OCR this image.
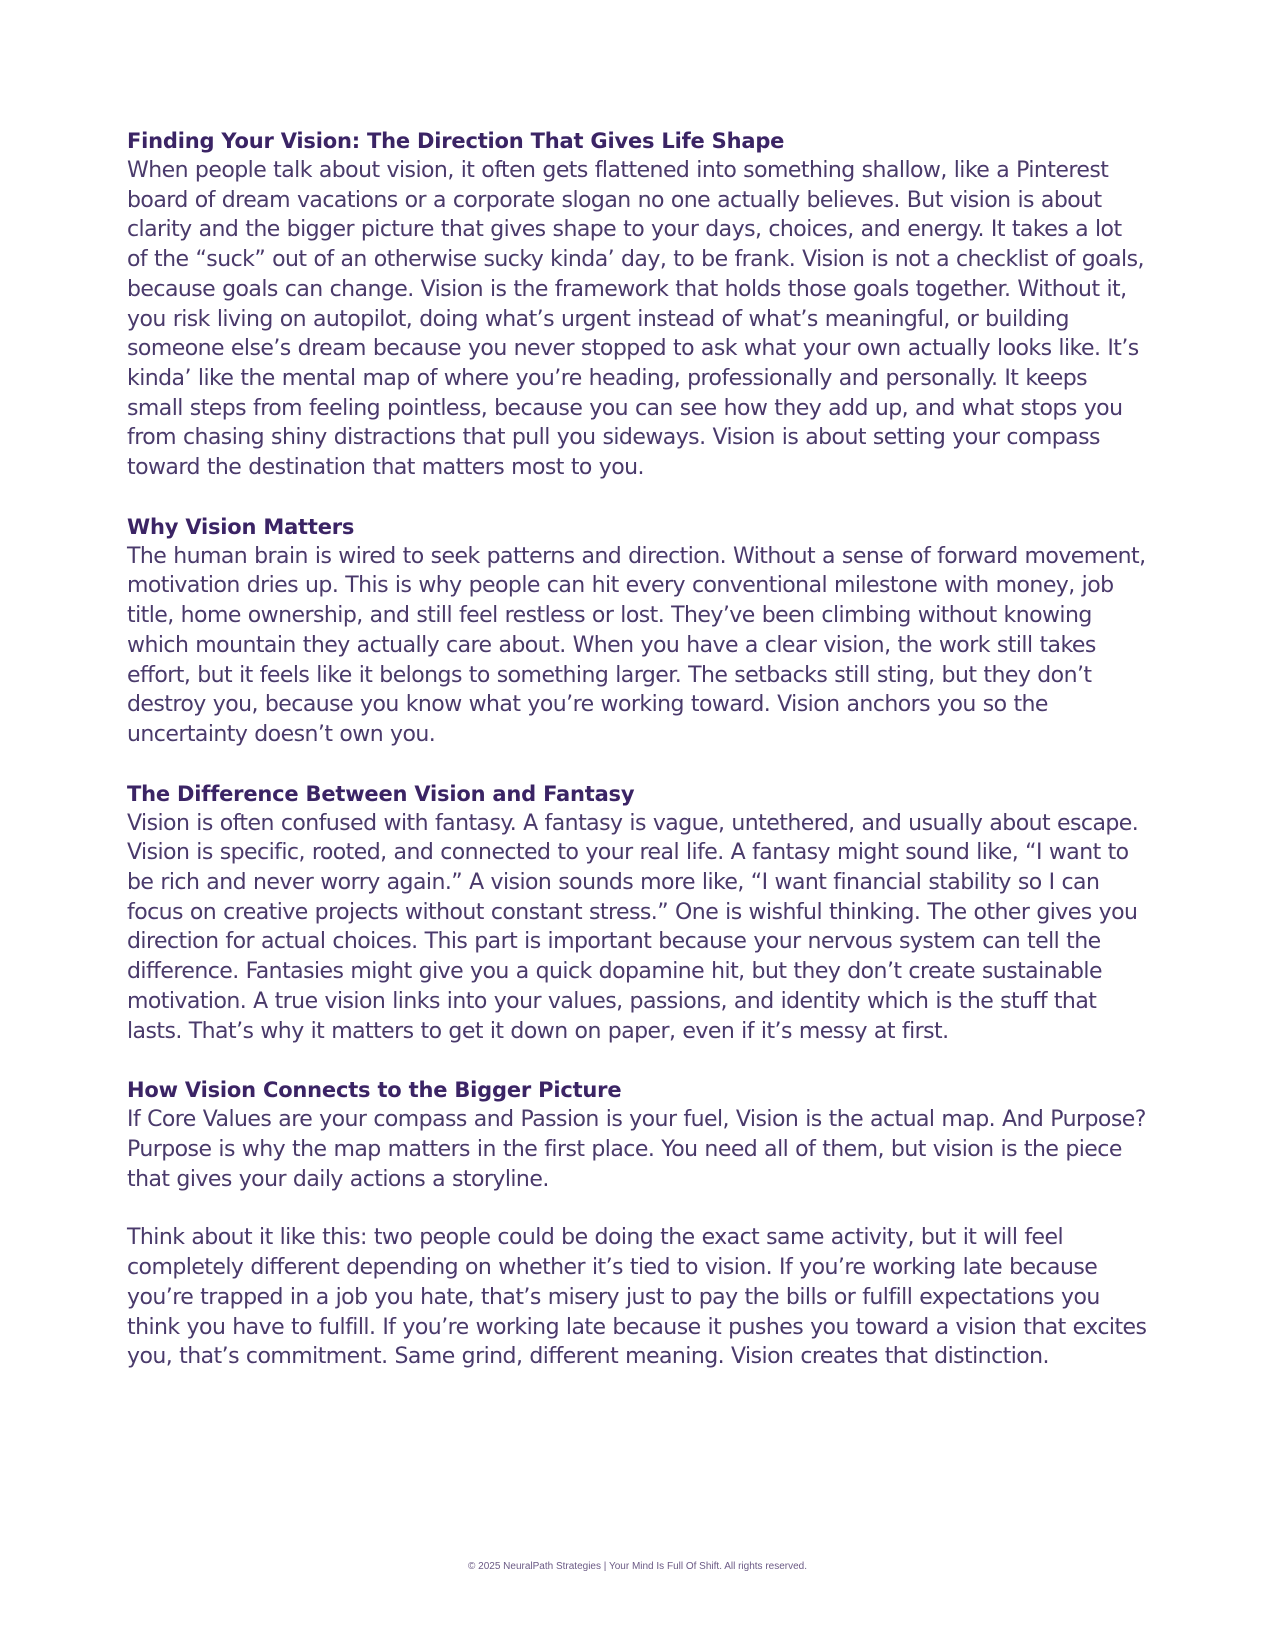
Finding Your Vision: The Direction That Gives Life Shape

When people talk about vision, it often gets flattened into something shallow, like a Pinterest board of dream vacations or a corporate slogan no one actually believes. But vision is about clarity and the bigger picture that gives shape to your days, choices, and energy. It takes a lot of the “suck” out of an otherwise sucky kinda’ day, to be frank. Vision is not a checklist of goals, because goals can change. Vision is the framework that holds those goals together. Without it, you risk living on autopilot, doing what’s urgent instead of what’s meaningful, or building someone else’s dream because you never stopped to ask what your own actually looks like. It’s kinda’ like the mental map of where you’re heading, professionally and personally. It keeps small steps from feeling pointless, because you can see how they add up, and what stops you from chasing shiny distractions that pull you sideways. Vision is about setting your compass toward the destination that matters most to you.

Why Vision Matters

The human brain is wired to seek patterns and direction. Without a sense of forward movement, motivation dries up. This is why people can hit every conventional milestone with money, job title, home ownership, and still feel restless or lost. They’ve been climbing without knowing which mountain they actually care about. When you have a clear vision, the work still takes effort, but it feels like it belongs to something larger. The setbacks still sting, but they don’t destroy you, because you know what you’re working toward. Vision anchors you so the uncertainty doesn’t own you.

The Difference Between Vision and Fantasy

Vision is often confused with fantasy. A fantasy is vague, untethered, and usually about escape. Vision is specific, rooted, and connected to your real life. A fantasy might sound like, “I want to be rich and never worry again.” A vision sounds more like, “I want financial stability so I can focus on creative projects without constant stress.” One is wishful thinking. The other gives you direction for actual choices. This part is important because your nervous system can tell the difference. Fantasies might give you a quick dopamine hit, but they don’t create sustainable motivation. A true vision links into your values, passions, and identity which is the stuff that lasts. That’s why it matters to get it down on paper, even if it’s messy at first.

How Vision Connects to the Bigger Picture

If Core Values are your compass and Passion is your fuel, Vision is the actual map. And Purpose? Purpose is why the map matters in the first place. You need all of them, but vision is the piece that gives your daily actions a storyline.

Think about it like this: two people could be doing the exact same activity, but it will feel completely different depending on whether it’s tied to vision. If you’re working late because you’re trapped in a job you hate, that’s misery just to pay the bills or fulfill expectations you think you have to fulfill. If you’re working late because it pushes you toward a vision that excites you, that’s commitment. Same grind, different meaning. Vision creates that distinction.

© 2025 NeuralPath Strategies | Your Mind Is Full Of Shift. All rights reserved.
